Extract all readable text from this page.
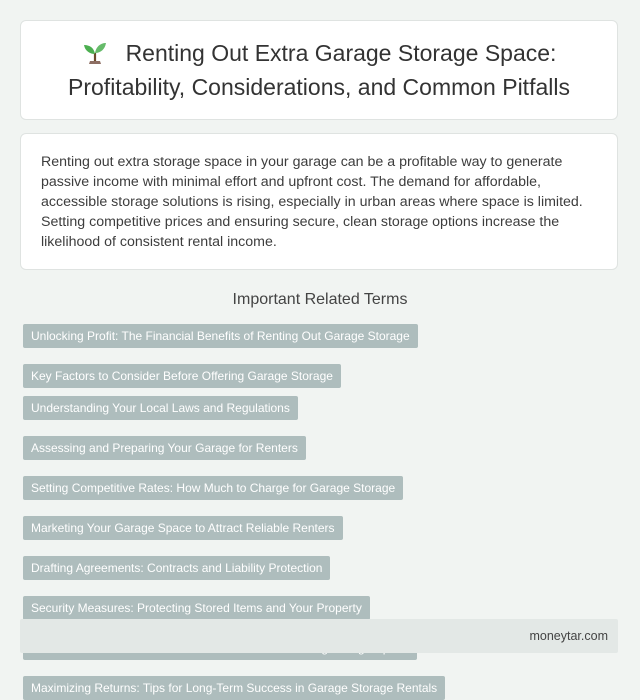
Renting Out Extra Garage Storage Space: Profitability, Considerations, and Common Pitfalls

Renting out extra storage space in your garage can be a profitable way to generate passive income with minimal effort and upfront cost. The demand for affordable, accessible storage solutions is rising, especially in urban areas where space is limited. Setting competitive prices and ensuring secure, clean storage options increase the likelihood of consistent rental income.

Important Related Terms
Unlocking Profit: The Financial Benefits of Renting Out Garage Storage
Key Factors to Consider Before Offering Garage Storage
Understanding Your Local Laws and Regulations
Assessing and Preparing Your Garage for Renters
Setting Competitive Rates: How Much to Charge for Garage Storage
Marketing Your Garage Space to Attract Reliable Renters
Drafting Agreements: Contracts and Liability Protection
Security Measures: Protecting Stored Items and Your Property
Maximizing Returns: Tips for Long-Term Success in Garage Storage Rentals
moneytar.com
